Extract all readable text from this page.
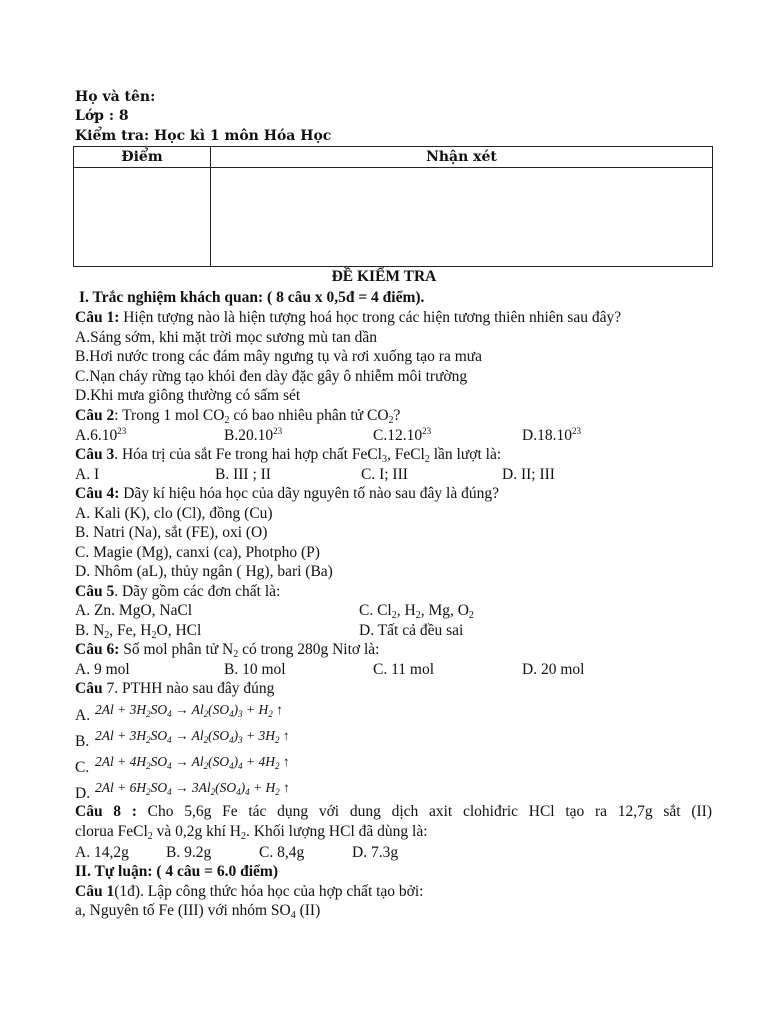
Họ và tên:
Lớp : 8
Kiểm tra: Học kì 1 môn Hóa Học
Điểm	Nhận xét

ĐỀ KIỂM TRA
I. Trắc nghiệm khách quan: ( 8 câu x 0,5đ = 4 điểm).
Câu 1: Hiện tượng nào là hiện tượng hoá học trong các hiện tương thiên nhiên sau đây?
A.Sáng sớm, khi mặt trời mọc sương mù tan dần
B.Hơi nước trong các đám mây ngưng tụ và rơi xuống tạo ra mưa
C.Nạn cháy rừng tạo khói đen dày đặc gây ô nhiễm môi trường
D.Khi mưa giông thường có sấm sét
Câu 2: Trong 1 mol $CO_2$ có bao nhiêu phân tử $CO_2$?
A.6.10$^{23}$	B.20.10$^{23}$	C.12.10$^{23}$	D.18.10$^{23}$
Câu 3. Hóa trị của sắt Fe trong hai hợp chất FeCl$_3$, FeCl$_2$ lần lượt là:
A. I	B. III ; II	C. I; III	D. II; III
Câu 4: Dãy kí hiệu hóa học của dãy nguyên tố nào sau đây là đúng?
A. Kali (K), clo (Cl), đồng (Cu)
B. Natri (Na), sắt (FE), oxi (O)
C. Magie (Mg), canxi (ca), Photpho (P)
D. Nhôm (aL), thủy ngân ( Hg), bari (Ba)
Câu 5. Dãy gồm các đơn chất là:
A. Zn. MgO, NaCl	C. $Cl_2$, $H_2$, Mg, $O_2$
B. $N_2$, Fe, $H_2O$, HCl	D. Tất cả đều sai
Câu 6: Số mol phân tử $N_2$ có trong 280g Nitơ là:
A. 9 mol	B. 10 mol	C. 11 mol	D. 20 mol
Câu 7. PTHH nào sau đây đúng
A. $2Al + 3H_2SO_4 \to Al_2(SO_4)_3 + H_2$ ↑
B. $2Al + 3H_2SO_4 \to Al_2(SO_4)_3 + 3H_2$ ↑
C. $2Al + 4H_2SO_4 \to Al_2(SO_4)_4 + 4H_2$ ↑
D. $2Al + 6H_2SO_4 \to 3Al_2(SO_4)_4 + H_2$ ↑
Câu 8 : Cho 5,6g Fe tác dụng với dung dịch axit clohiđric HCl tạo ra 12,7g sắt (II)
clorua FeCl$_2$ và 0,2g khí $H_2$. Khối lượng HCl đã dùng là:
A. 14,2g B. 9.2g	C. 8,4g	D. 7.3g
II. Tự luận: ( 4 câu = 6.0 điểm)
Câu 1(1đ). Lập công thức hóa học của hợp chất tạo bởi:
a, Nguyên tố Fe (III) với nhóm $SO_4$ (II)
